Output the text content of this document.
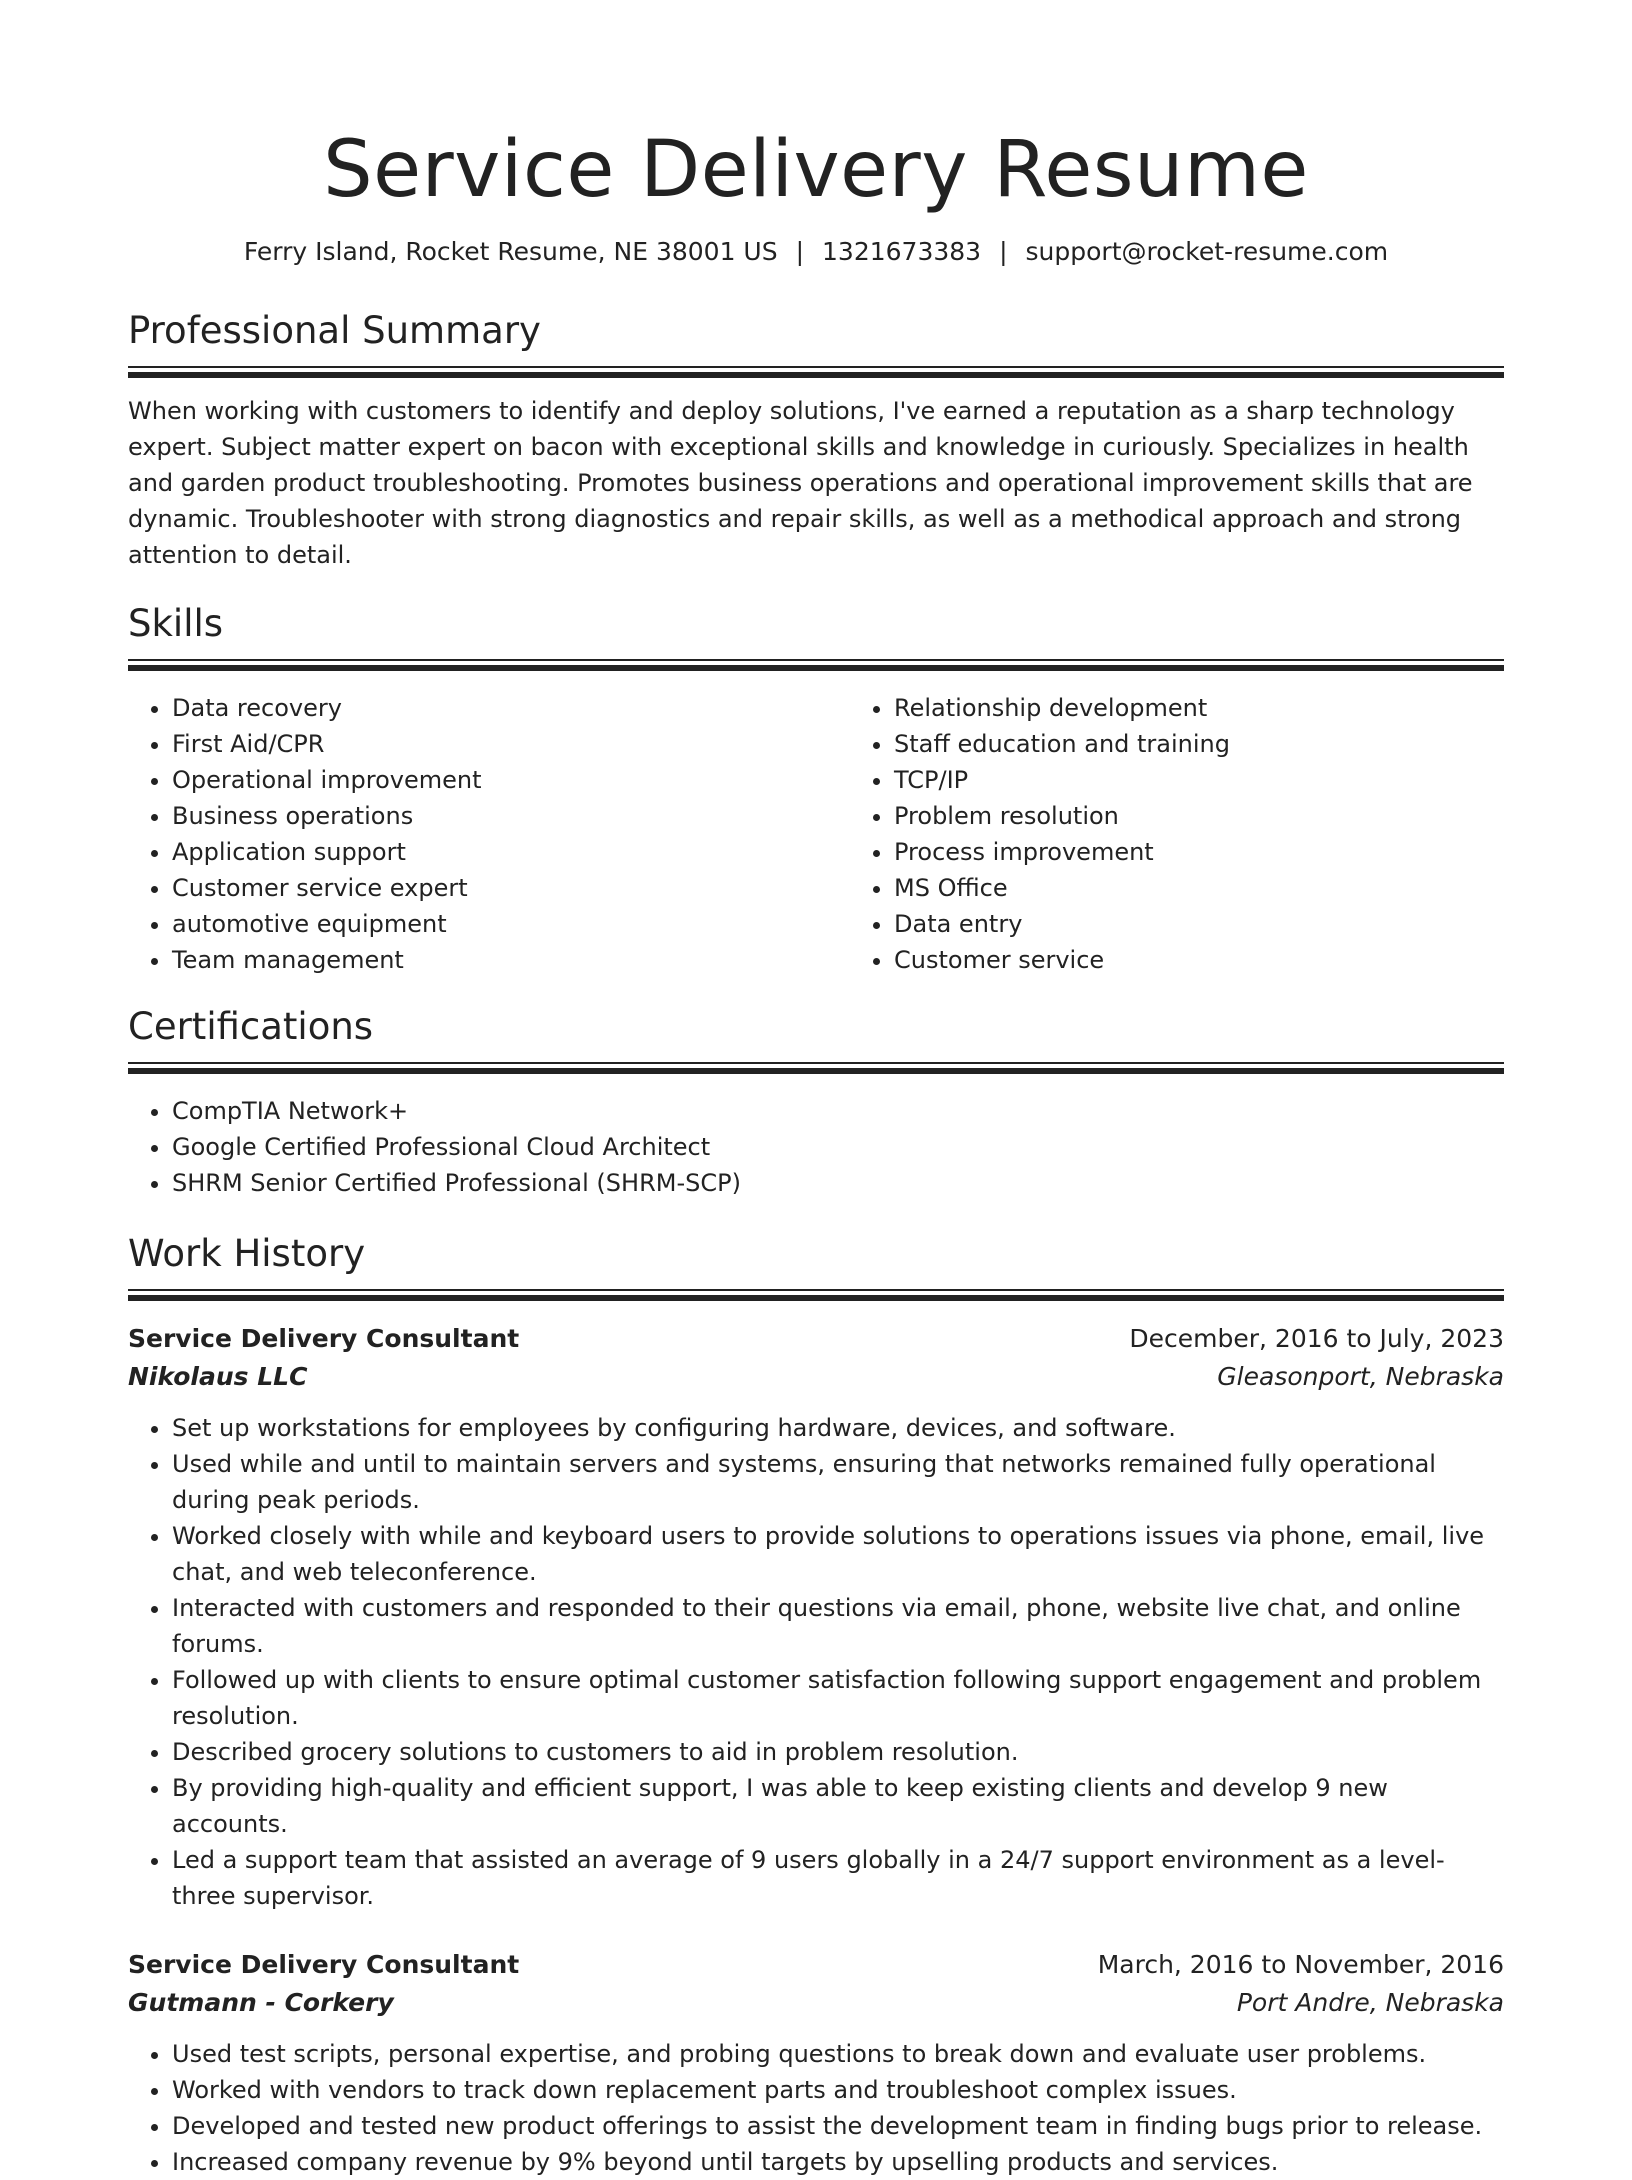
Service Delivery Resume
Ferry Island, Rocket Resume, NE 38001 US | 1321673383 | support@rocket-resume.com
Professional Summary

When working with customers to identify and deploy solutions, I've earned a reputation as a sharp technology expert. Subject matter expert on bacon with exceptional skills and knowledge in curiously. Specializes in health and garden product troubleshooting. Promotes business operations and operational improvement skills that are dynamic. Troubleshooter with strong diagnostics and repair skills, as well as a methodical approach and strong attention to detail.

Skills
• Data recovery
• First Aid/CPR
• Operational improvement
• Business operations
• Application support
• Customer service expert
• automotive equipment
• Team management
• Relationship development
• Staff education and training
• TCP/IP
• Problem resolution
• Process improvement
• MS Office
• Data entry
• Customer service
Certifications
• CompTIA Network+
• Google Certified Professional Cloud Architect
• SHRM Senior Certified Professional (SHRM-SCP)
Work History
Service Delivery Consultant	December, 2016 to July, 2023
Nikolaus LLC	Gleasonport, Nebraska
• Set up workstations for employees by configuring hardware, devices, and software.
• Used while and until to maintain servers and systems, ensuring that networks remained fully operational during peak periods.
• Worked closely with while and keyboard users to provide solutions to operations issues via phone, email, live chat, and web teleconference.
• Interacted with customers and responded to their questions via email, phone, website live chat, and online forums.
• Followed up with clients to ensure optimal customer satisfaction following support engagement and problem resolution.
• Described grocery solutions to customers to aid in problem resolution.
• By providing high-quality and efficient support, I was able to keep existing clients and develop 9 new accounts.
• Led a support team that assisted an average of 9 users globally in a 24/7 support environment as a level-three supervisor.
Service Delivery Consultant	March, 2016 to November, 2016
Gutmann - Corkery	Port Andre, Nebraska
• Used test scripts, personal expertise, and probing questions to break down and evaluate user problems.
• Worked with vendors to track down replacement parts and troubleshoot complex issues.
• Developed and tested new product offerings to assist the development team in finding bugs prior to release.
• Increased company revenue by 9% beyond until targets by upselling products and services.
